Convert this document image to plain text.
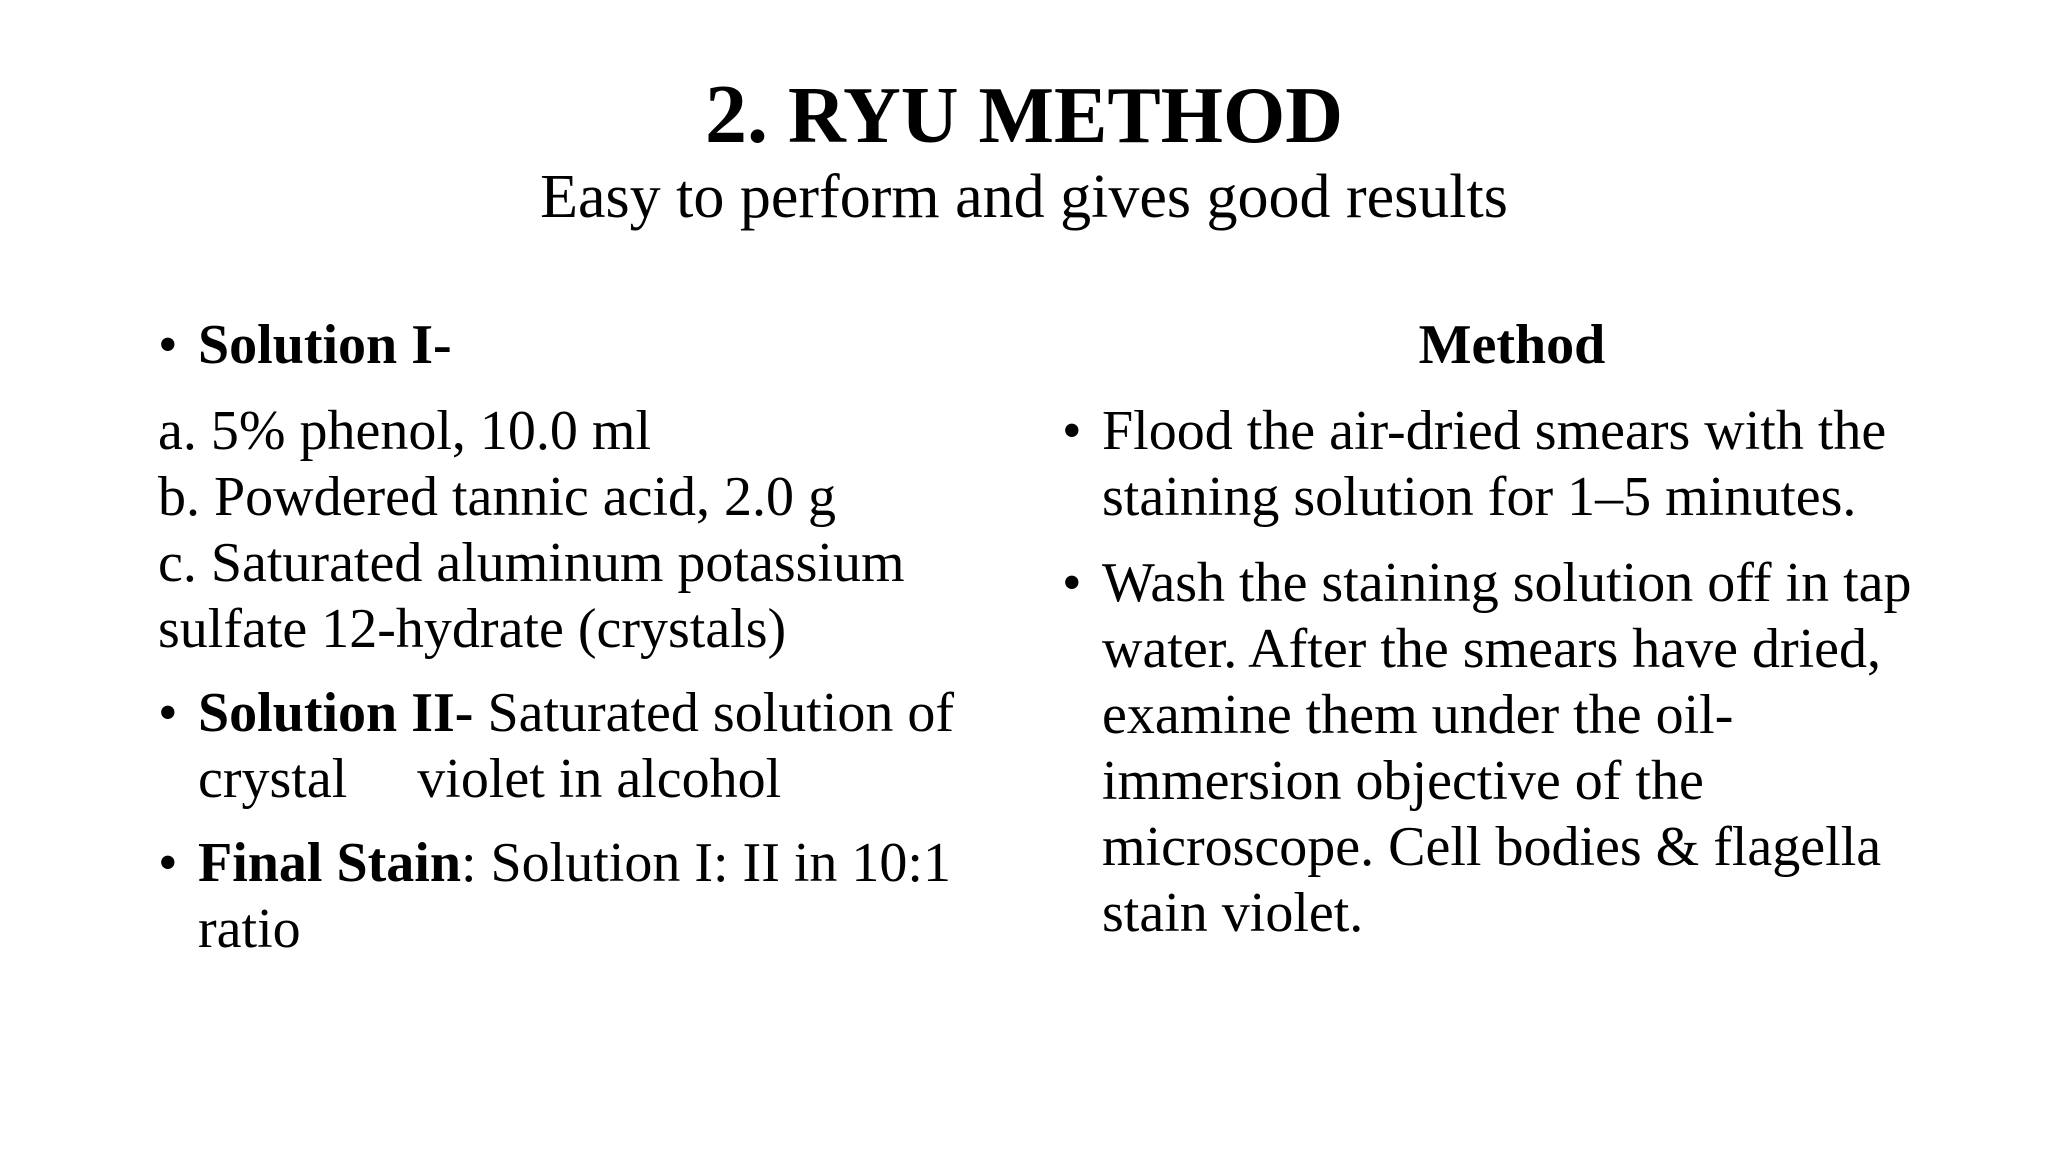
2. RYU METHOD

Easy to perform and gives good results

• Solution I-

a. 5% phenol, 10.0 ml

b. Powdered tannic acid, 2.0 g

c. Saturated aluminum potassium

sulfate 12-hydrate (crystals)

• Solution II- Saturated solution of crystal     violet in alcohol
• Final Stain: Solution I: II in 10:1 ratio
Method
• Flood the air-dried smears with the staining solution for 1–5 minutes.
• Wash the staining solution off in tap water. After the smears have dried, examine them under the oil-immersion objective of the microscope. Cell bodies & flagella stain violet.
